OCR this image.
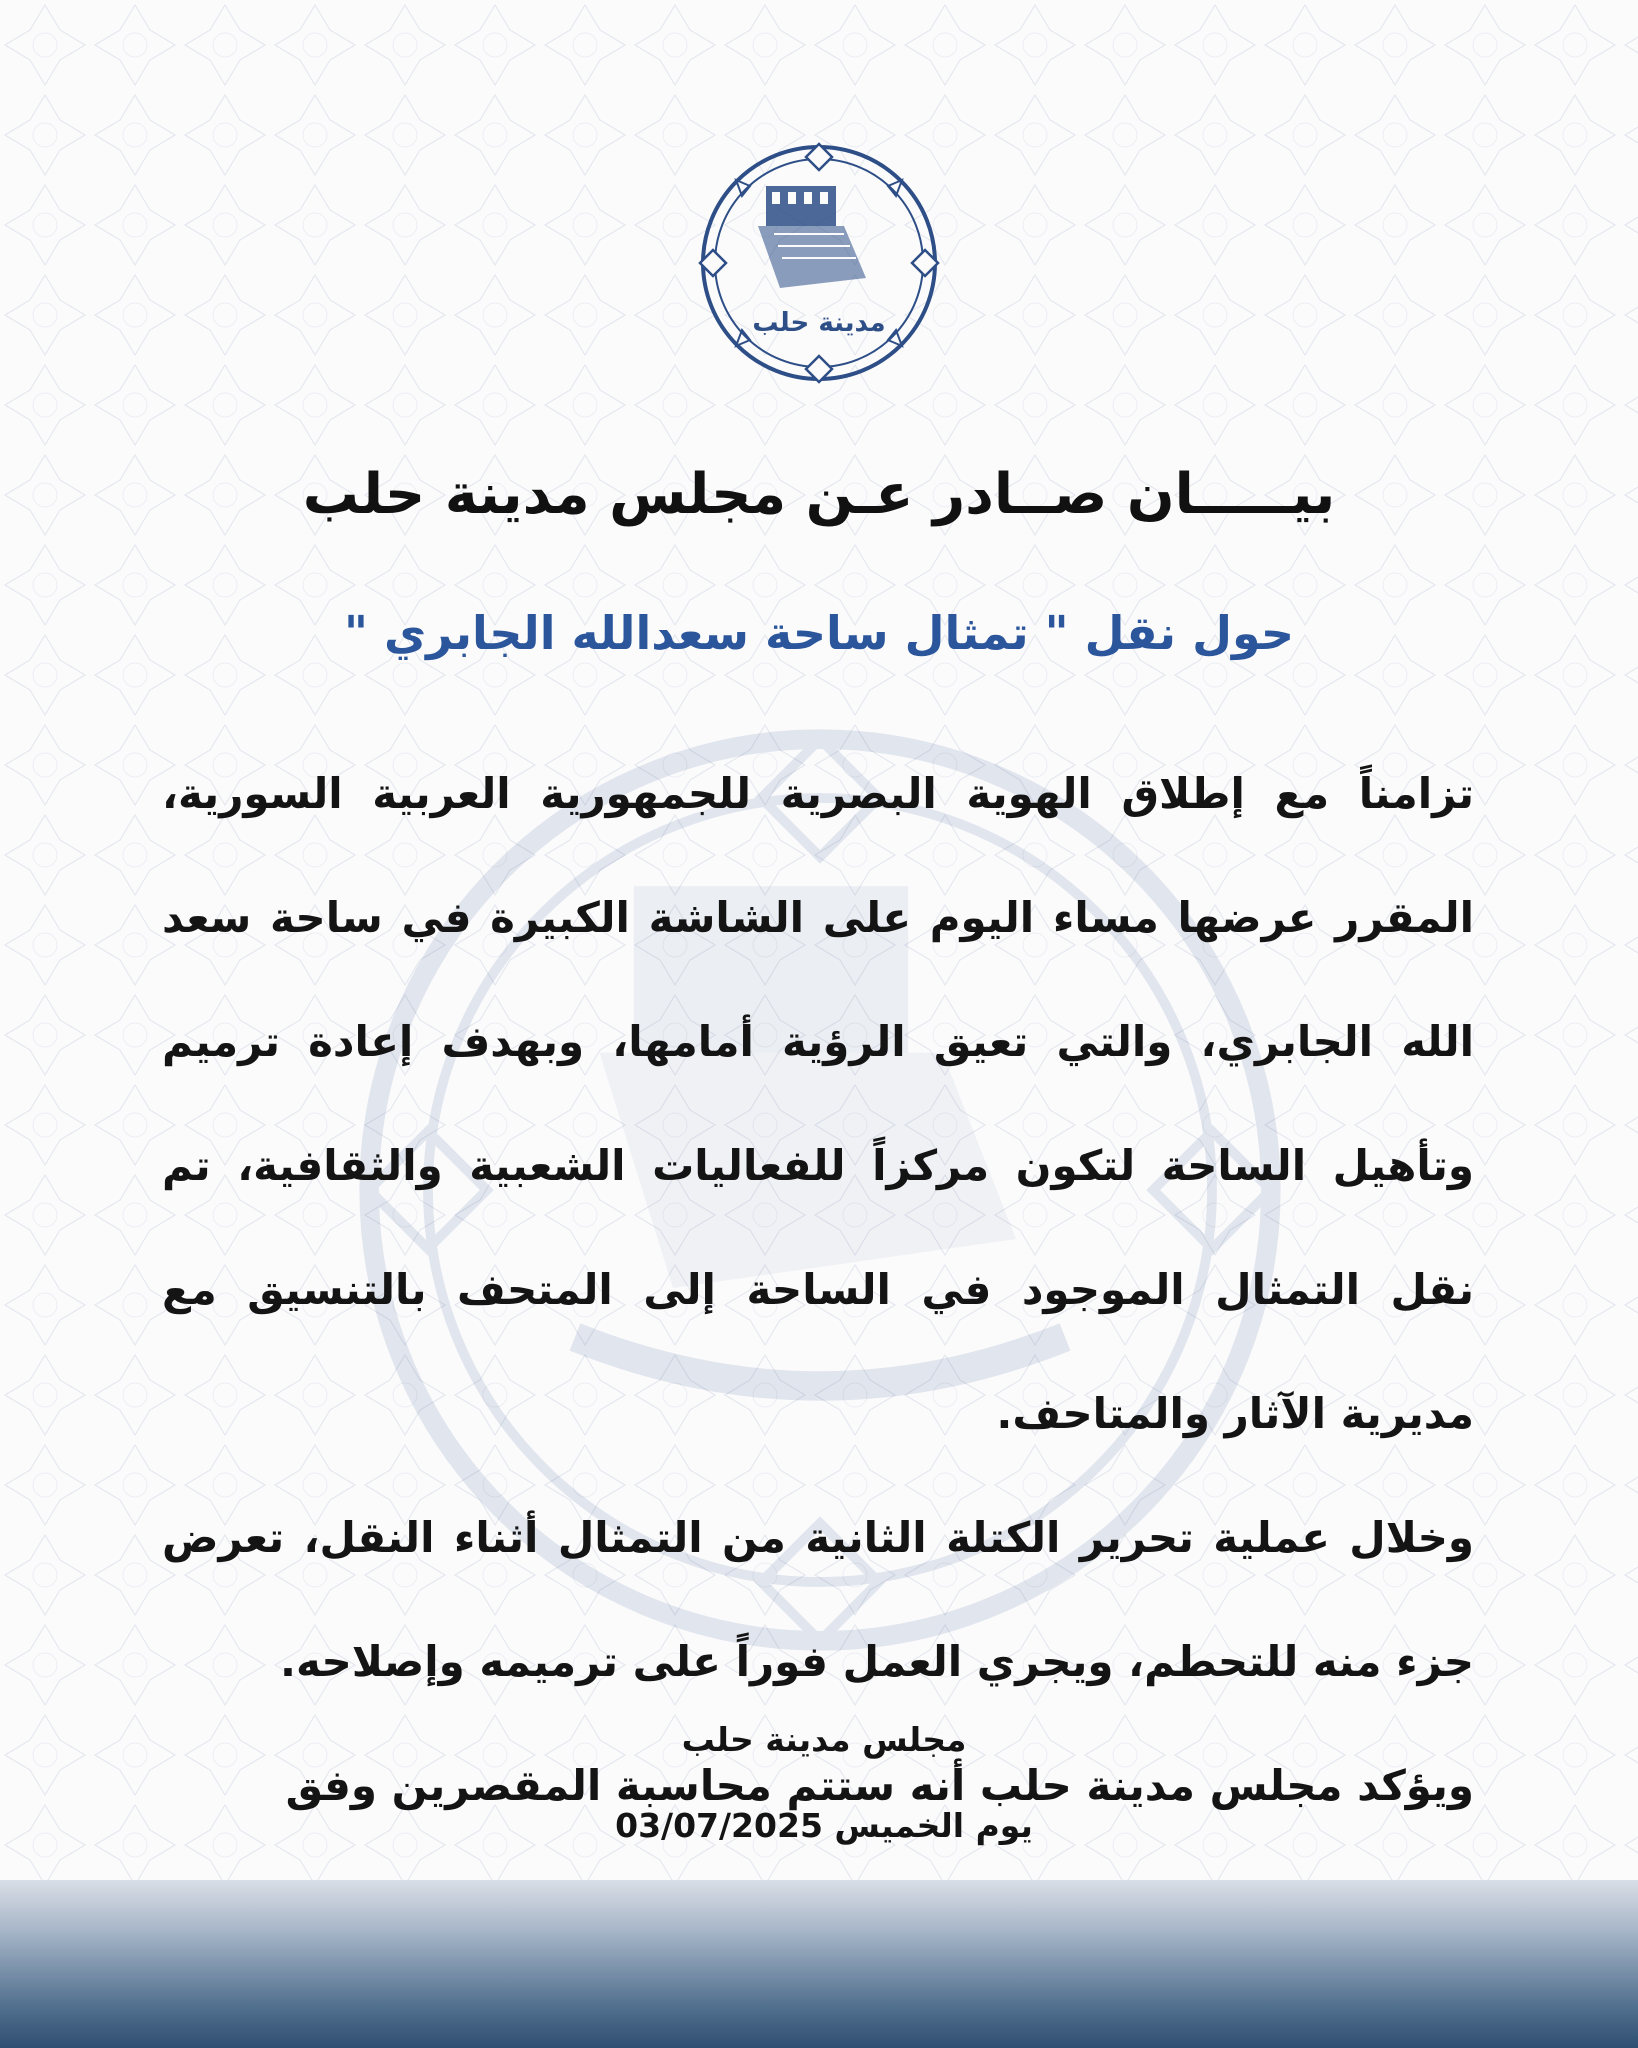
مدينة حلب
بيـــــان صــادر عـن مجلس مدينة حلب
حول نقل " تمثال ساحة سعدالله الجابري "

تزامناً مع إطلاق الهوية البصرية للجمهورية العربية السورية، المقرر عرضها مساء اليوم على الشاشة الكبيرة في ساحة سعد الله الجابري، والتي تعيق الرؤية أمامها، وبهدف إعادة ترميم وتأهيل الساحة لتكون مركزاً للفعاليات الشعبية والثقافية، تم نقل التمثال الموجود في الساحة إلى المتحف بالتنسيق مع مديرية الآثار والمتاحف.

وخلال عملية تحرير الكتلة الثانية من التمثال أثناء النقل، تعرض جزء منه للتحطم، ويجري العمل فوراً على ترميمه وإصلاحه.

ويؤكد مجلس مدينة حلب أنه ستتم محاسبة المقصرين وفق

مجلس مدينة حلب
يوم الخميس 03/07/2025
